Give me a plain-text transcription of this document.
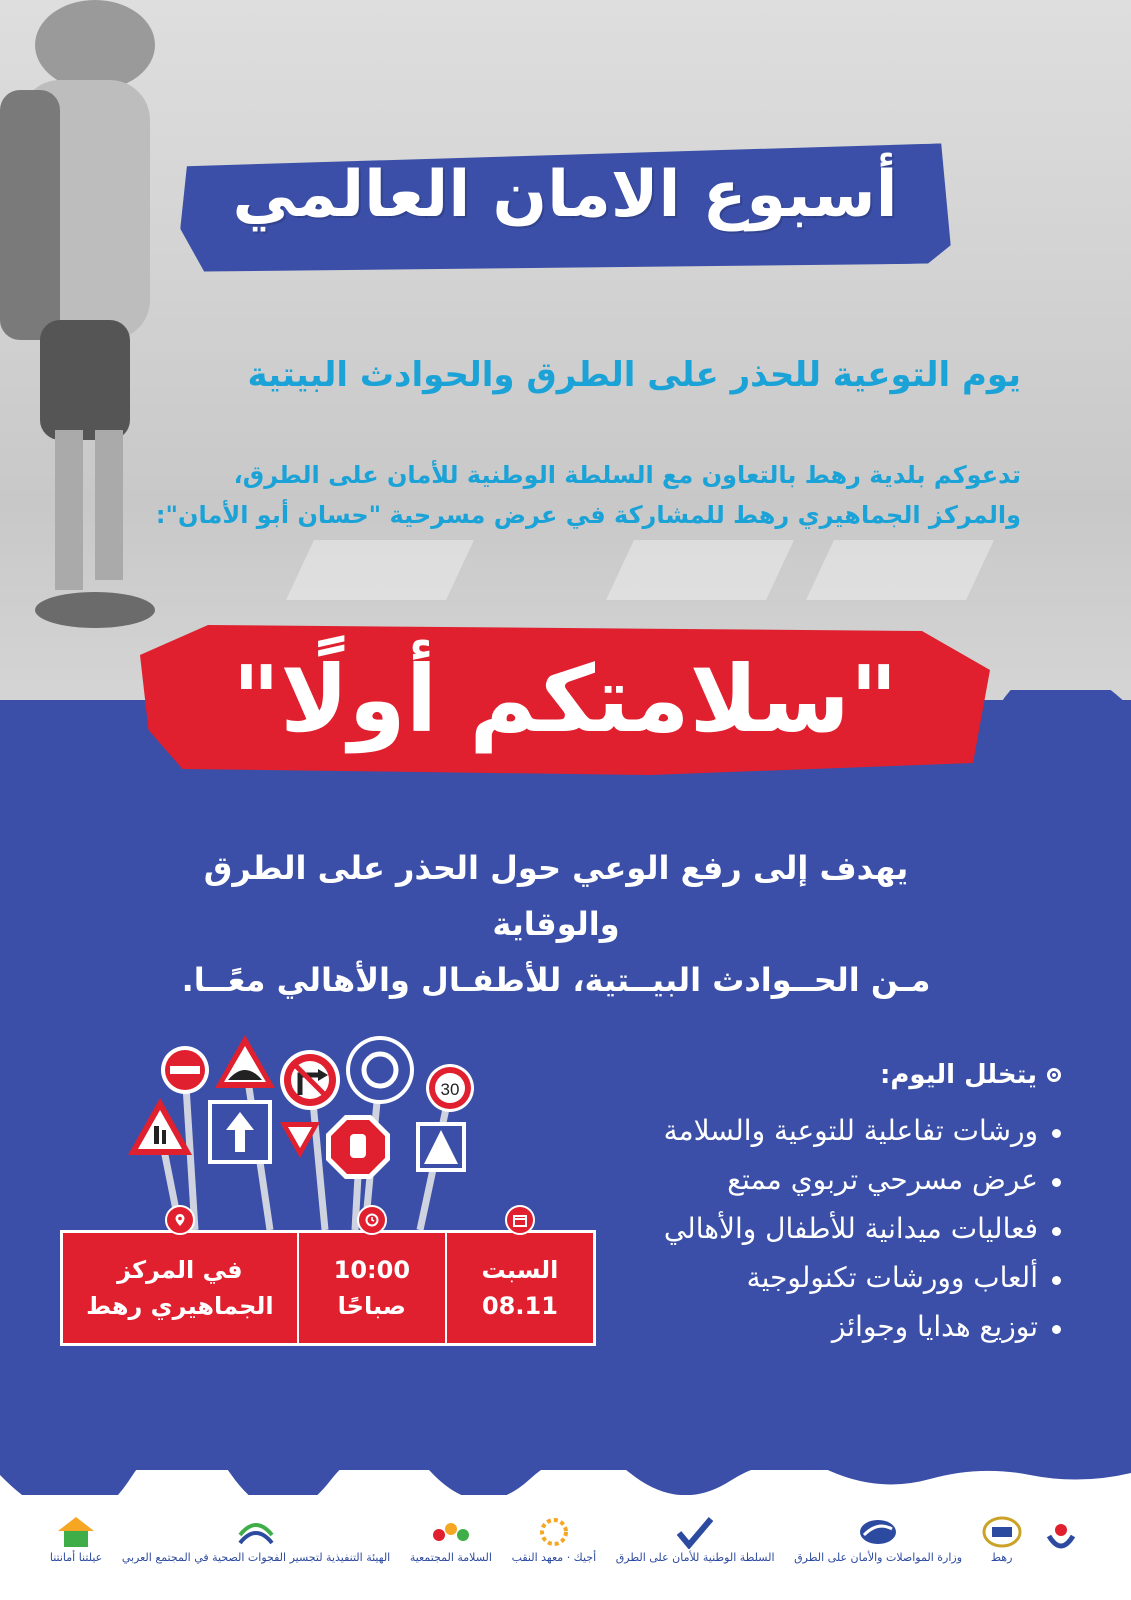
أسبوع الامان العالمي
يوم التوعية للحذر على الطرق والحوادث البيتية
تدعوكم بلدية رهط بالتعاون مع السلطة الوطنية للأمان على الطرق،
والمركز الجماهيري رهط للمشاركة في عرض مسرحية "حسان أبو الأمان":
"سلامتكم أولًا"
يهدف إلى رفع الوعي حول الحذر على الطرق والوقاية
مـن الحــوادث البيــتية، للأطفـال والأهالي معًــا.
30
السبت
08.11
10:00
صباحًا
في المركز
الجماهيري رهط
يتخلل اليوم:
ورشات تفاعلية للتوعية والسلامة
عرض مسرحي تربوي ممتع
فعاليات ميدانية للأطفال والأهالي
ألعاب وورشات تكنولوجية
توزيع هدايا وجوائز
رهط
وزارة المواصلات والأمان على الطرق
السلطة الوطنية للأمان على الطرق
أجيك · معهد النقب
السلامة المجتمعية
الهيئة التنفيذية لتجسير الفجوات الصحية في المجتمع العربي
عيلتنا أمانتنا
